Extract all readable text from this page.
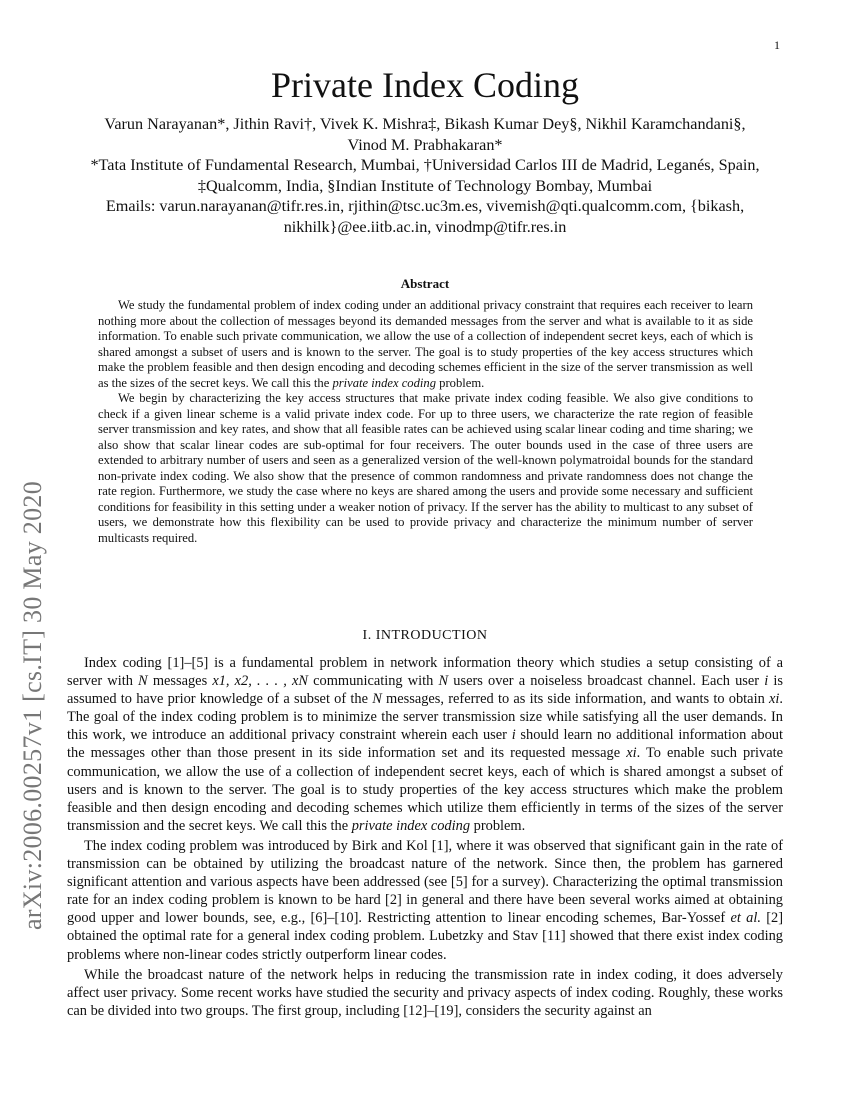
1
arXiv:2006.00257v1 [cs.IT] 30 May 2020
Private Index Coding

Varun Narayanan*, Jithin Ravi†, Vivek K. Mishra‡, Bikash Kumar Dey§, Nikhil Karamchandani§,

Vinod M. Prabhakaran*

*Tata Institute of Fundamental Research, Mumbai, †Universidad Carlos III de Madrid, Leganés, Spain,

‡Qualcomm, India, §Indian Institute of Technology Bombay, Mumbai

Emails: varun.narayanan@tifr.res.in, rjithin@tsc.uc3m.es, vivemish@qti.qualcomm.com, {bikash, nikhilk}@ee.iitb.ac.in, vinodmp@tifr.res.in

Abstract

We study the fundamental problem of index coding under an additional privacy constraint that requires each receiver to learn nothing more about the collection of messages beyond its demanded messages from the server and what is available to it as side information. To enable such private communication, we allow the use of a collection of independent secret keys, each of which is shared amongst a subset of users and is known to the server. The goal is to study properties of the key access structures which make the problem feasible and then design encoding and decoding schemes efficient in the size of the server transmission as well as the sizes of the secret keys. We call this the private index coding problem.

We begin by characterizing the key access structures that make private index coding feasible. We also give conditions to check if a given linear scheme is a valid private index code. For up to three users, we characterize the rate region of feasible server transmission and key rates, and show that all feasible rates can be achieved using scalar linear coding and time sharing; we also show that scalar linear codes are sub-optimal for four receivers. The outer bounds used in the case of three users are extended to arbitrary number of users and seen as a generalized version of the well-known polymatroidal bounds for the standard non-private index coding. We also show that the presence of common randomness and private randomness does not change the rate region. Furthermore, we study the case where no keys are shared among the users and provide some necessary and sufficient conditions for feasibility in this setting under a weaker notion of privacy. If the server has the ability to multicast to any subset of users, we demonstrate how this flexibility can be used to provide privacy and characterize the minimum number of server multicasts required.

I. INTRODUCTION

Index coding [1]–[5] is a fundamental problem in network information theory which studies a setup consisting of a server with N messages x1, x2, . . . , xN communicating with N users over a noiseless broadcast channel. Each user i is assumed to have prior knowledge of a subset of the N messages, referred to as its side information, and wants to obtain xi. The goal of the index coding problem is to minimize the server transmission size while satisfying all the user demands. In this work, we introduce an additional privacy constraint wherein each user i should learn no additional information about the messages other than those present in its side information set and its requested message xi. To enable such private communication, we allow the use of a collection of independent secret keys, each of which is shared amongst a subset of users and is known to the server. The goal is to study properties of the key access structures which make the problem feasible and then design encoding and decoding schemes which utilize them efficiently in terms of the sizes of the server transmission and the secret keys. We call this the private index coding problem.

The index coding problem was introduced by Birk and Kol [1], where it was observed that significant gain in the rate of transmission can be obtained by utilizing the broadcast nature of the network. Since then, the problem has garnered significant attention and various aspects have been addressed (see [5] for a survey). Characterizing the optimal transmission rate for an index coding problem is known to be hard [2] in general and there have been several works aimed at obtaining good upper and lower bounds, see, e.g., [6]–[10]. Restricting attention to linear encoding schemes, Bar-Yossef et al. [2] obtained the optimal rate for a general index coding problem. Lubetzky and Stav [11] showed that there exist index coding problems where non-linear codes strictly outperform linear codes.

While the broadcast nature of the network helps in reducing the transmission rate in index coding, it does adversely affect user privacy. Some recent works have studied the security and privacy aspects of index coding. Roughly, these works can be divided into two groups. The first group, including [12]–[19], considers the security against an
